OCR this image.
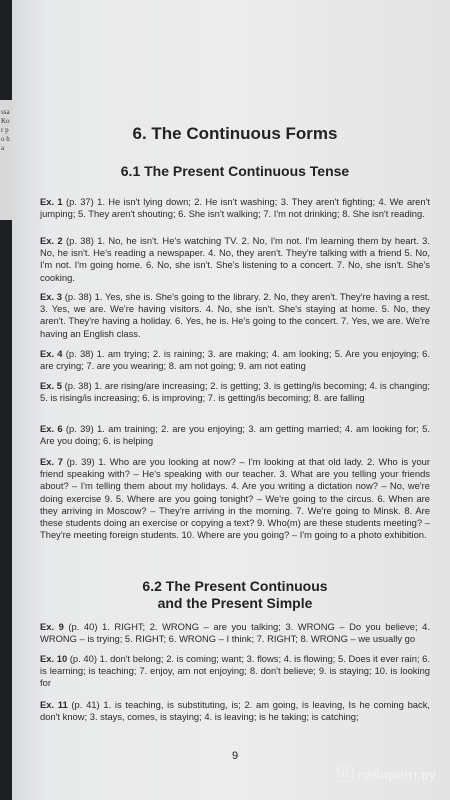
ssa Kor po ha
6. The Continuous Forms
6.1 The Present Continuous Tense

Ex. 1 (p. 37) 1. He isn't lying down; 2. He isn't washing; 3. They aren't fighting; 4. We aren't jumping; 5. They aren't shouting; 6. She isn't walking; 7. I'm not drinking; 8. She isn't reading.

Ex. 2 (p. 38) 1. No, he isn't. He's watching TV. 2. No, I'm not. I'm learning them by heart. 3. No, he isn't. He's reading a newspaper. 4. No, they aren't. They're talking with a friend 5. No, I'm not. I'm going home. 6. No, she isn't. She's listening to a concert. 7. No, she isn't. She's cooking.

Ex. 3 (p. 38) 1. Yes, she is. She's going to the library. 2. No, they aren't. They're having a rest. 3. Yes, we are. We're having visitors. 4. No, she isn't. She's staying at home. 5. No, they aren't. They're having a holiday. 6. Yes, he is. He's going to the concert. 7. Yes, we are. We're having an English class.

Ex. 4 (p. 38) 1. am trying; 2. is raining; 3. are making; 4. am looking; 5. Are you enjoying; 6. are crying; 7. are you wearing; 8. am not going; 9. am not eating

Ex. 5 (p. 38) 1. are rising/are increasing; 2. is getting; 3. is getting/is becoming; 4. is changing; 5. is rising/is increasing; 6. is improving; 7. is getting/is becoming; 8. are falling

Ex. 6 (p. 39) 1. am training; 2. are you enjoying; 3. am getting married; 4. am looking for; 5. Are you doing; 6. is helping

Ex. 7 (p. 39) 1. Who are you looking at now? – I'm looking at that old lady. 2. Who is your friend speaking with? – He's speaking with our teacher. 3. What are you telling your friends about? – I'm telling them about my holidays. 4. Are you writing a dictation now? – No, we're doing exercise 9. 5. Where are you going tonight? – We're going to the circus. 6. When are they arriving in Moscow? – They're arriving in the morning. 7. We're going to Minsk. 8. Are these students doing an exercise or copying a text? 9. Who(m) are these students meeting? – They're meeting foreign students. 10. Where are you going? – I'm going to a photo exhibition.

6.2 The Present Continuous
and the Present Simple

Ex. 9 (p. 40) 1. RIGHT; 2. WRONG – are you talking; 3. WRONG – Do you believe; 4. WRONG – is trying; 5. RIGHT; 6. WRONG – I think; 7. RIGHT; 8. WRONG – we usually go

Ex. 10 (p. 40) 1. don't belong; 2. is coming; want; 3. flows; 4. is flowing; 5. Does it ever rain; 6. is learning; is teaching; 7. enjoy, am not enjoying; 8. don't believe; 9. is staying; 10. is looking for

Ex. 11 (p. 41) 1. is teaching, is substituting, is; 2. am going, is leaving, Is he coming back, don't know; 3. stays, comes, is staying; 4. is leaving; is he taking; is catching;

9
Л лабиринт.ру
